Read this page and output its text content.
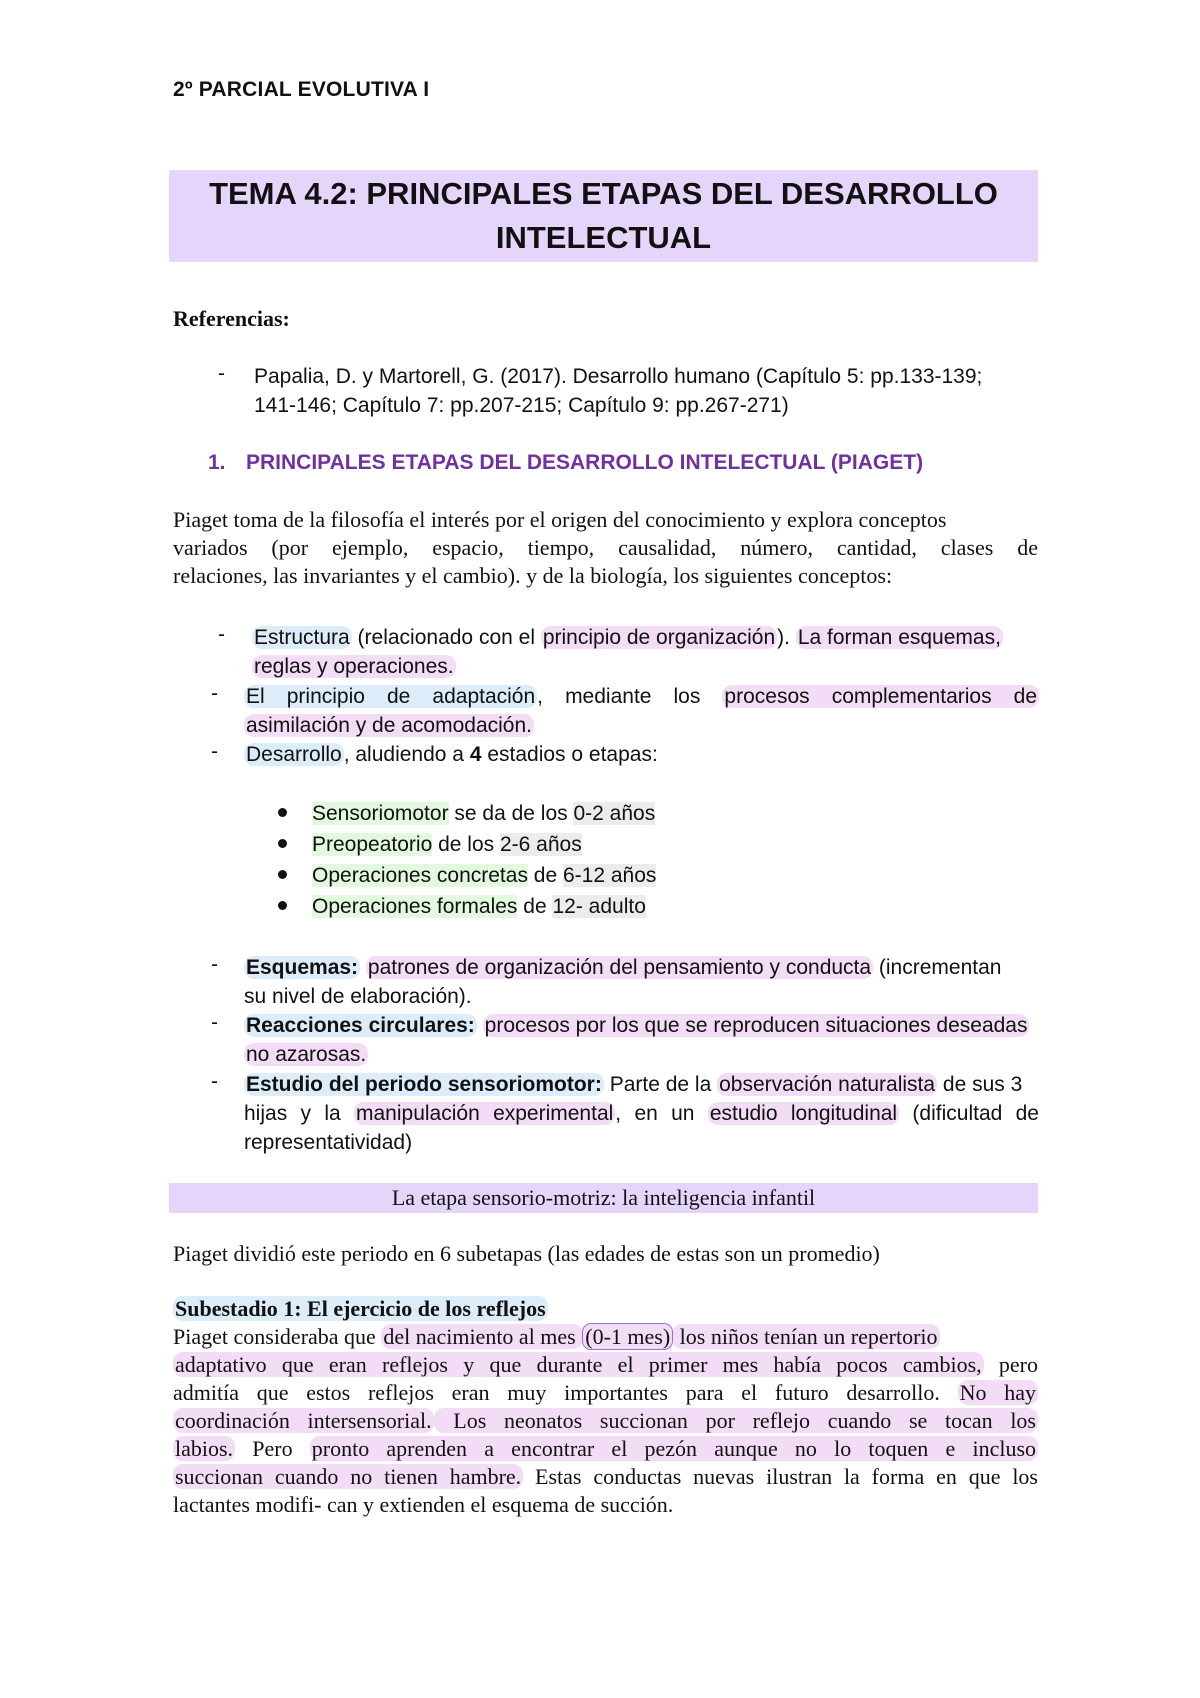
2º PARCIAL EVOLUTIVA I
TEMA 4.2: PRINCIPALES ETAPAS DEL DESARROLLO
INTELECTUAL
Referencias:
- Papalia, D. y Martorell, G. (2017). Desarrollo humano (Capítulo 5: pp.133-139;
141-146; Capítulo 7: pp.207-215; Capítulo 9: pp.267-271)
1. PRINCIPALES ETAPAS DEL DESARROLLO INTELECTUAL (PIAGET)
Piaget toma de la filosofía el interés por el origen del conocimiento y explora conceptos
variados (por ejemplo, espacio, tiempo, causalidad, número, cantidad, clases de
relaciones, las invariantes y el cambio). y de la biología, los siguientes conceptos:
- Estructura (relacionado con el principio de organización). La forman esquemas,
reglas y operaciones.
- El principio de adaptación, mediante los procesos complementarios de
asimilación y de acomodación.
- Desarrollo, aludiendo a 4 estadios o etapas:
Sensoriomotor se da de los 0-2 años
Preopeatorio de los 2-6 años
Operaciones concretas de 6-12 años
Operaciones formales de 12- adulto
- Esquemas: patrones de organización del pensamiento y conducta (incrementan
su nivel de elaboración).
- Reacciones circulares: procesos por los que se reproducen situaciones deseadas
no azarosas.
- Estudio del periodo sensoriomotor: Parte de la observación naturalista de sus 3
hijas y la manipulación experimental, en un estudio longitudinal (dificultad de
representatividad)
La etapa sensorio-motriz: la inteligencia infantil
Piaget dividió este periodo en 6 subetapas (las edades de estas son un promedio)
Subestadio 1: El ejercicio de los reflejos
Piaget consideraba que del nacimiento al mes (0-1 mes) los niños tenían un repertorio
adaptativo que eran reflejos y que durante el primer mes había pocos cambios, pero
admitía que estos reflejos eran muy importantes para el futuro desarrollo. No hay
coordinación intersensorial. Los neonatos succionan por reflejo cuando se tocan los
labios. Pero pronto aprenden a encontrar el pezón aunque no lo toquen e incluso
succionan cuando no tienen hambre. Estas conductas nuevas ilustran la forma en que los
lactantes modifi- can y extienden el esquema de succión.
